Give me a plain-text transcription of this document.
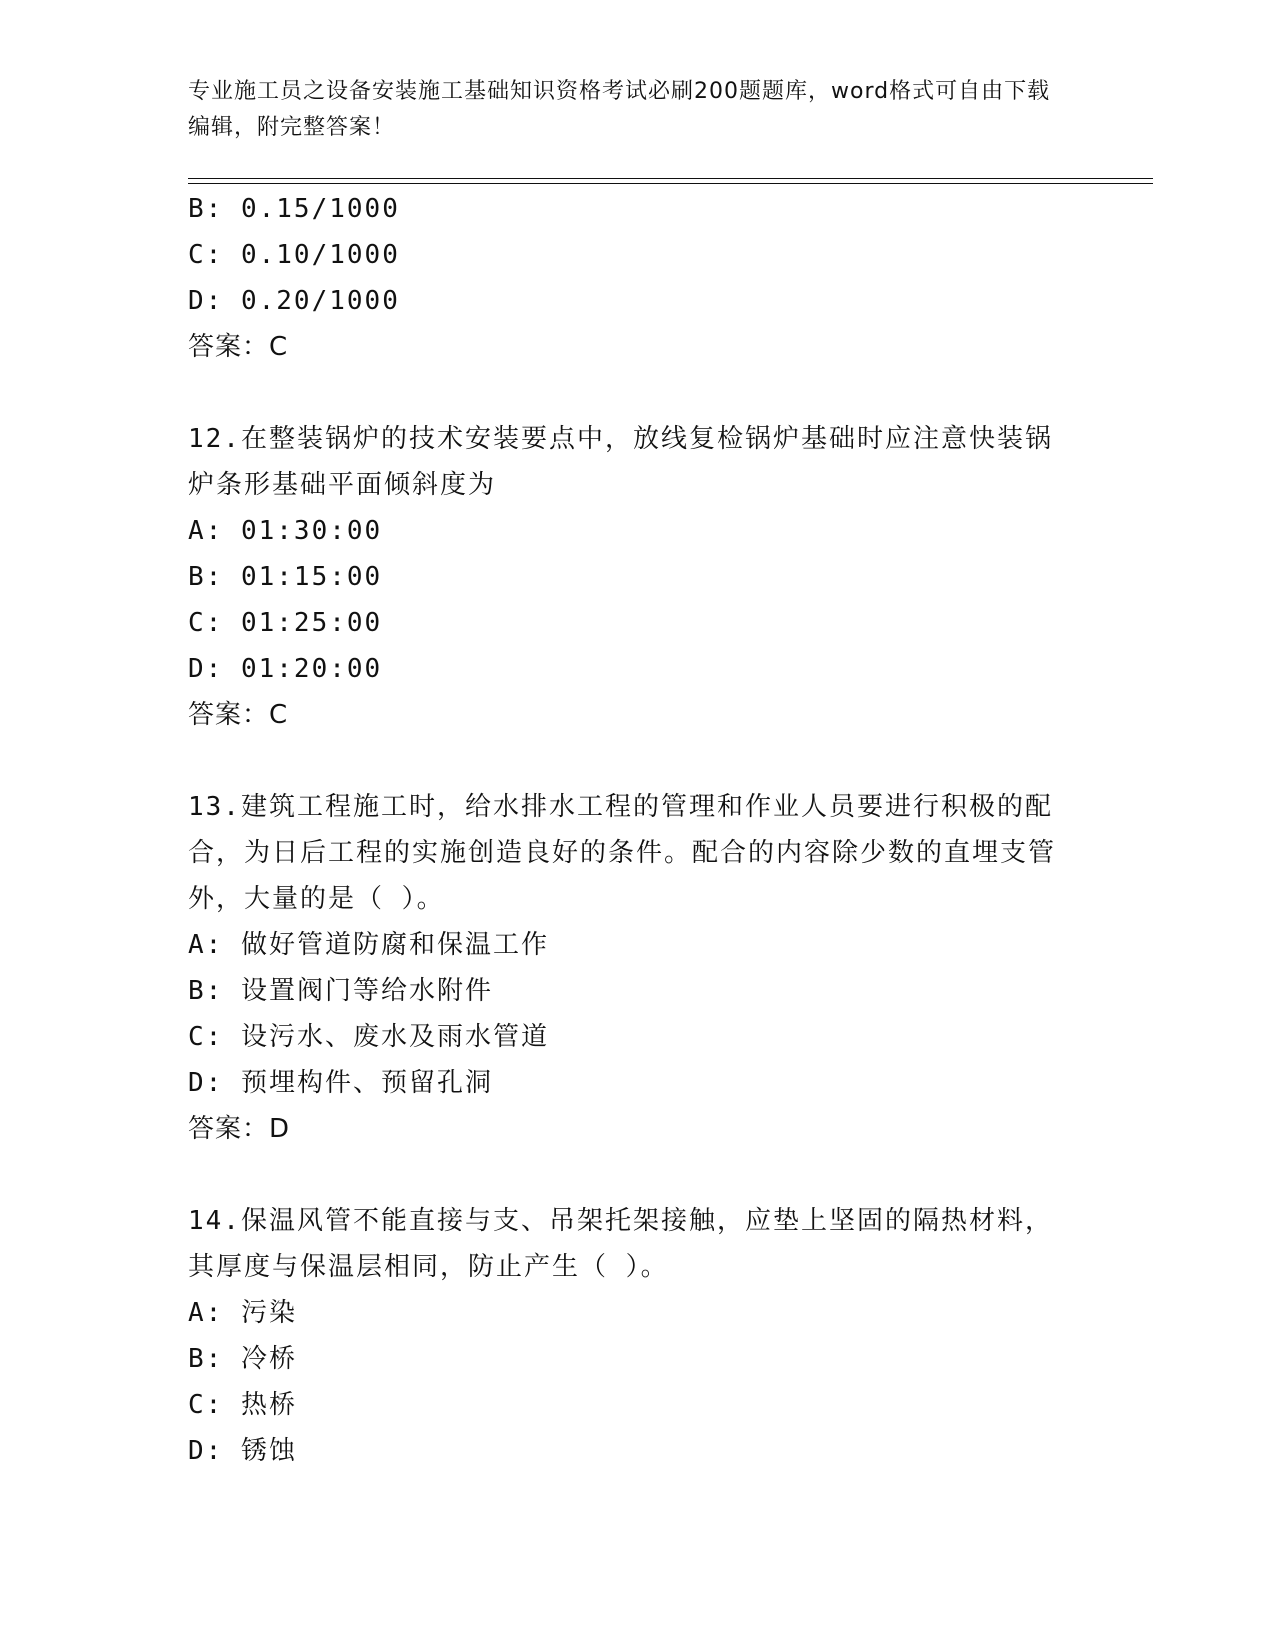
专业施工员之设备安装施工基础知识资格考试必刷200题题库，word格式可自由下载编辑，附完整答案！
B: 0.15/1000
C: 0.10/1000
D: 0.20/1000
答案：C
12.在整装锅炉的技术安装要点中，放线复检锅炉基础时应注意快装锅炉条形基础平面倾斜度为
A: 01:30:00
B: 01:15:00
C: 01:25:00
D: 01:20:00
答案：C
13.建筑工程施工时，给水排水工程的管理和作业人员要进行积极的配合，为日后工程的实施创造良好的条件。配合的内容除少数的直埋支管外，大量的是（ ）。
A: 做好管道防腐和保温工作
B: 设置阀门等给水附件
C: 设污水、废水及雨水管道
D: 预埋构件、预留孔洞
答案：D
14.保温风管不能直接与支、吊架托架接触，应垫上坚固的隔热材料，其厚度与保温层相同，防止产生（ ）。
A: 污染
B: 冷桥
C: 热桥
D: 锈蚀
